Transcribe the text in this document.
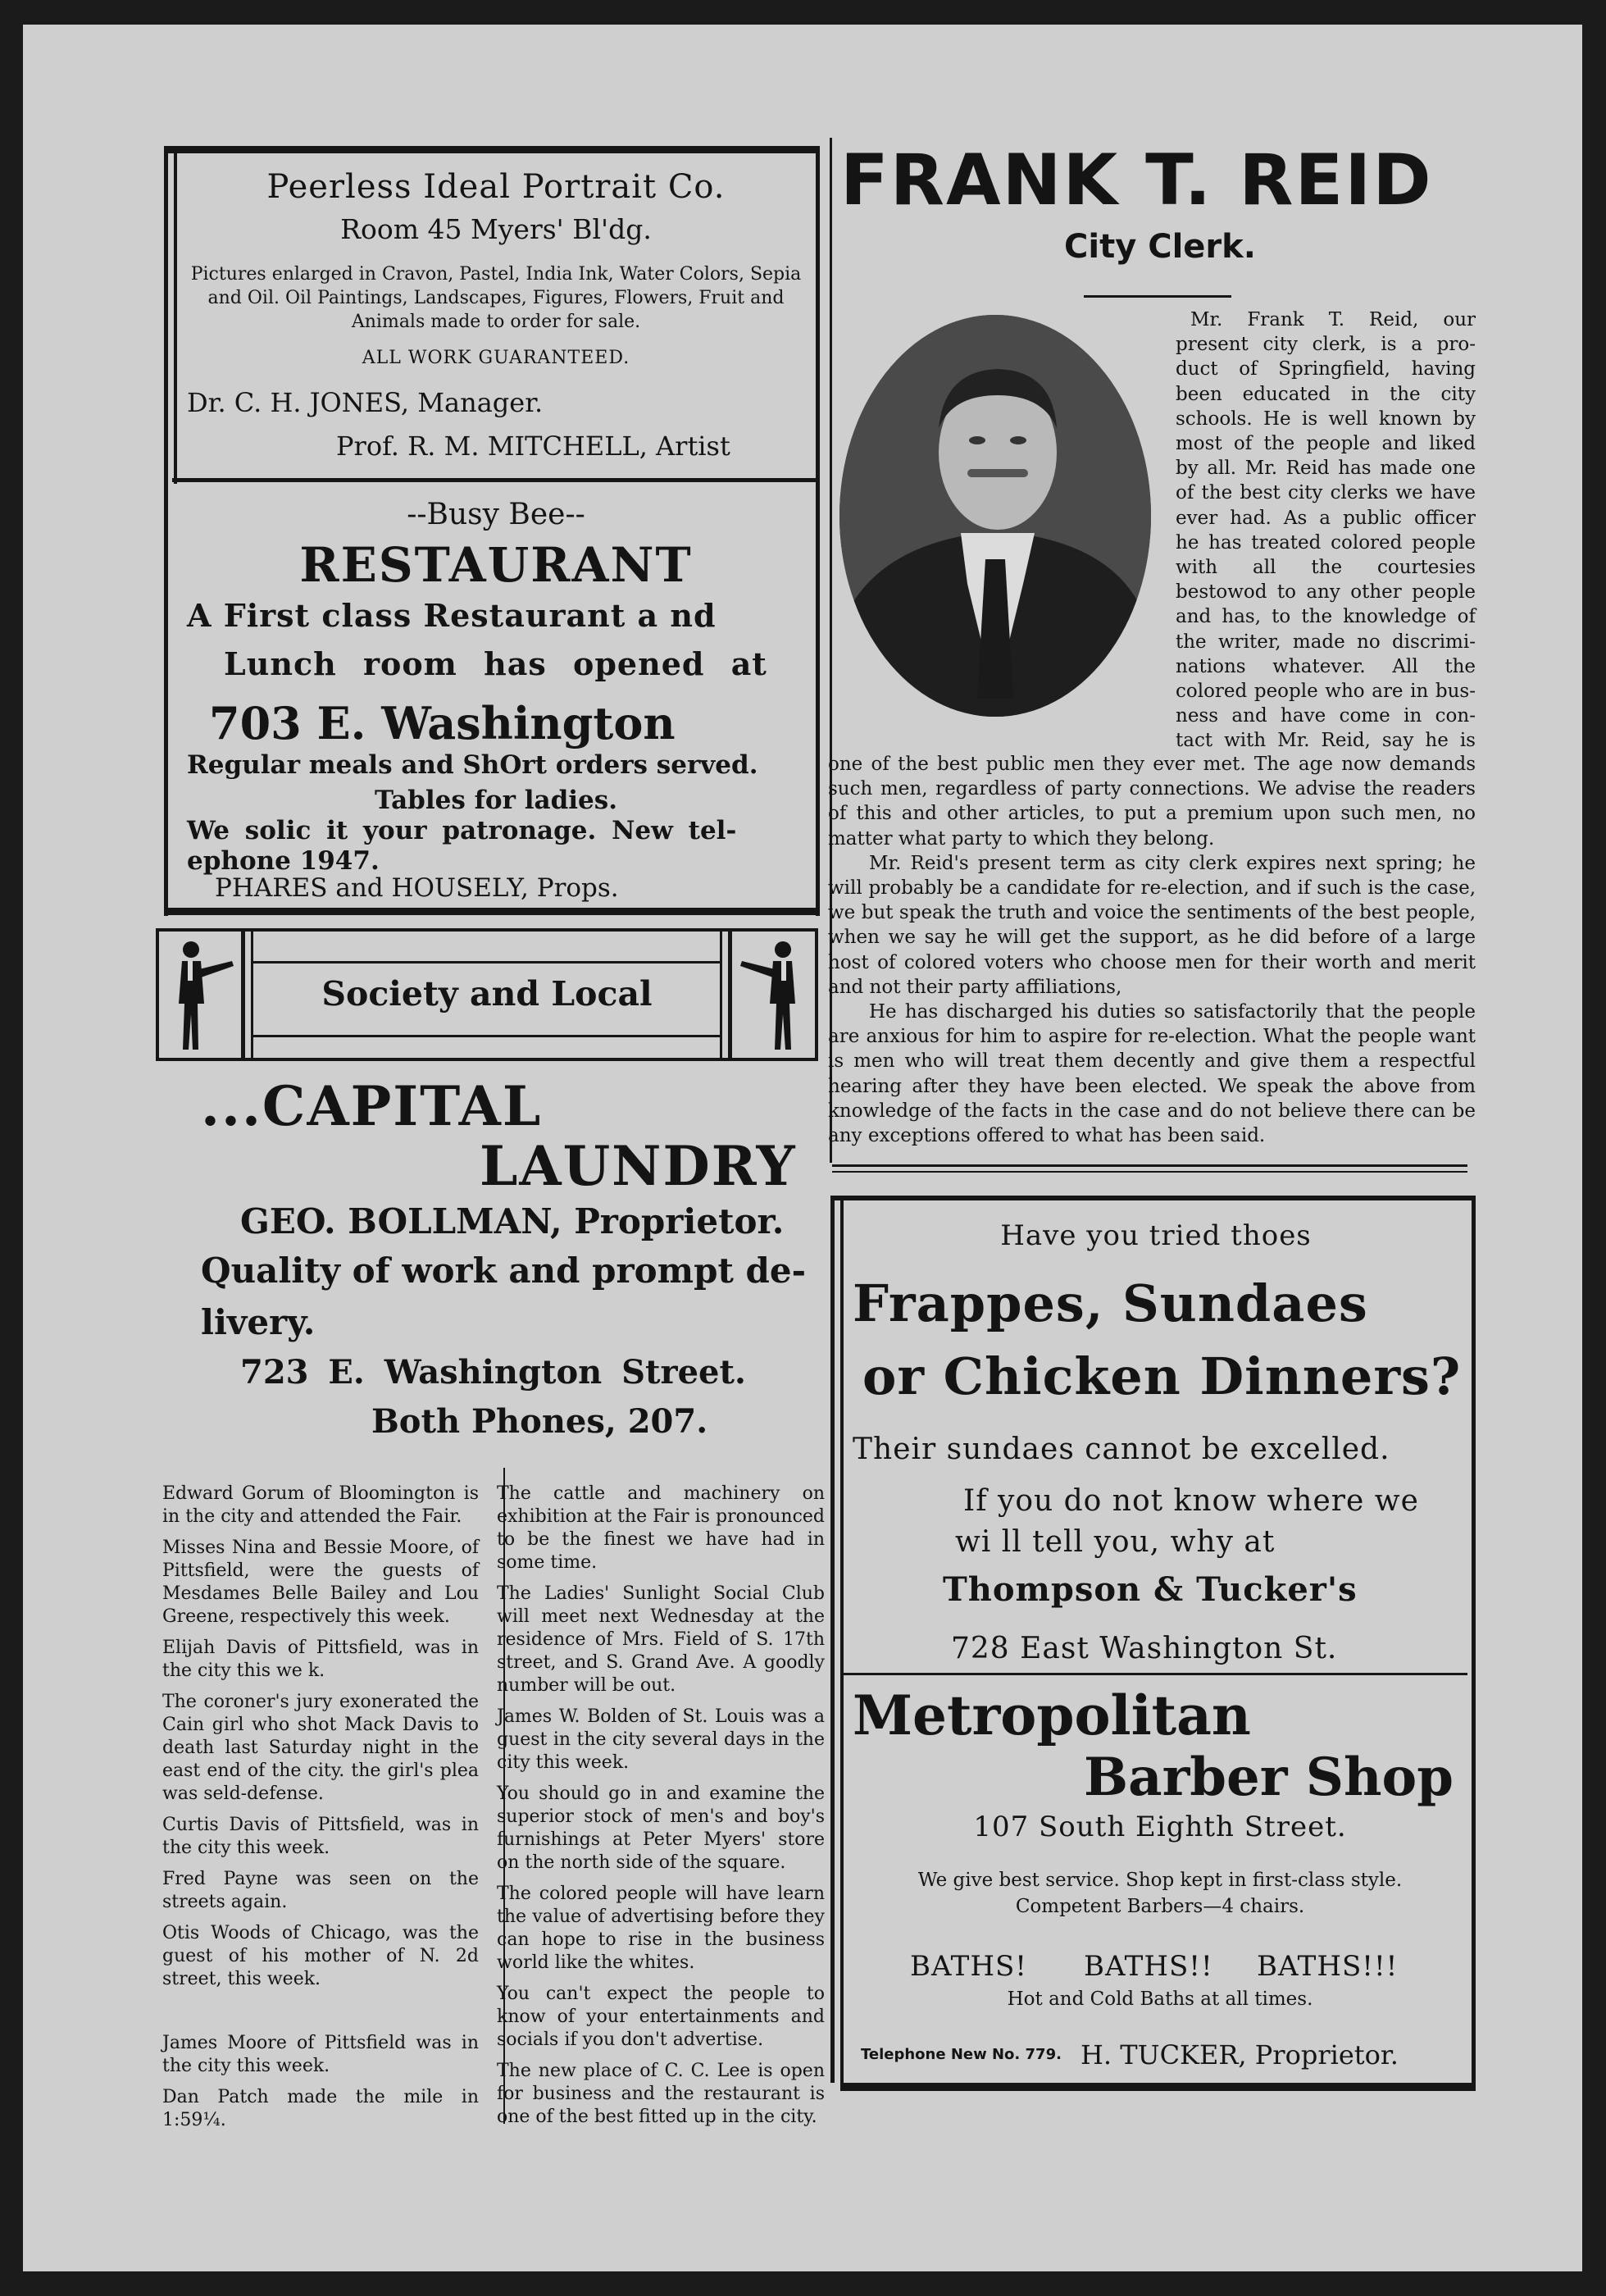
Peerless Ideal Portrait Co.
Room 45 Myers' Bl'dg.
Pictures enlarged in Cravon, Pastel, India Ink, Water Colors, Sepia and Oil. Oil Paintings, Landscapes, Figures, Flowers, Fruit and Animals made to order for sale.
ALL WORK GUARANTEED.
Dr. C. H. JONES, Manager.
Prof. R. M. MITCHELL, Artist
--Busy Bee--
RESTAURANT
A First class Restaurant a nd
Lunch room has opened at
703 E. Washington
Regular meals and ShOrt orders served.
Tables for ladies.
We solic it your patronage. New tel-
ephone 1947.
PHARES and HOUSELY, Props.
Society and Local
...CAPITAL
LAUNDRY
GEO. BOLLMAN, Proprietor.
Quality of work and prompt de-
livery.
723 E. Washington Street.
Both Phones, 207.

Edward Gorum of Bloomington is in the city and attended the Fair.

Misses Nina and Bessie Moore, of Pittsfield, were the guests of Mesdames Belle Bailey and Lou Greene, respectively this week.

Elijah Davis of Pittsfield, was in the city this we k.

The coroner's jury exonerated the Cain girl who shot Mack Davis to death last Saturday night in the east end of the city. the girl's plea was seld-defense.

Curtis Davis of Pittsfield, was in the city this week.

Fred Payne was seen on the streets again.

Otis Woods of Chicago, was the guest of his mother of N. 2d street, this week.

James Moore of Pittsfield was in the city this week.

Dan Patch made the mile in 1:59¼.

The cattle and machinery on exhibition at the Fair is pronounced to be the finest we have had in some time.

The Ladies' Sunlight Social Club will meet next Wednesday at the residence of Mrs. Field of S. 17th street, and S. Grand Ave. A goodly number will be out.

James W. Bolden of St. Louis was a guest in the city several days in the city this week.

You should go in and examine the superior stock of men's and boy's furnishings at Peter Myers' store on the north side of the square.

The colored people will have learn the value of advertising before they can hope to rise in the business world like the whites.

You can't expect the people to know of your entertainments and socials if you don't advertise.

The new place of C. C. Lee is open for business and the restaurant is one of the best fitted up in the city.

FRANK T. REID
City Clerk.
Mr. Frank T. Reid, our
present city clerk, is a pro-
duct of Springfield, having
been educated in the city
schools. He is well known by
most of the people and liked
by all. Mr. Reid has made one
of the best city clerks we have
ever had. As a public officer
he has treated colored people
with all the courtesies
bestowod to any other people
and has, to the knowledge of
the writer, made no discrimi-
nations whatever. All the
colored people who are in bus-
ness and have come in con-
tact with Mr. Reid, say he is
one of the best public men they ever met. The age now demands such men, regardless of party connections. We advise the readers of this and other articles, to put a premium upon such men, no matter what party to which they belong.
Mr. Reid's present term as city clerk expires next spring; he will probably be a candidate for re-election, and if such is the case, we but speak the truth and voice the sentiments of the best people, when we say he will get the support, as he did before of a large host of colored voters who choose men for their worth and merit and not their party affiliations,
He has discharged his duties so satisfactorily that the people are anxious for him to aspire for re-election. What the people want is men who will treat them decently and give them a respectful hearing after they have been elected. We speak the above from knowledge of the facts in the case and do not believe there can be any exceptions offered to what has been said.
Have you tried thoes
Frappes, Sundaes
or Chicken Dinners?
Their sundaes cannot be excelled.
If you do not know where we
wi ll tell you, why at
Thompson & Tucker's
728 East Washington St.
Metropolitan
Barber Shop
107 South Eighth Street.
We give best service. Shop kept in first-class style.
Competent Barbers—4 chairs.
BATHS!	BATHS!!	BATHS!!!
Hot and Cold Baths at all times.
Telephone New No. 779. H. TUCKER, Proprietor.
